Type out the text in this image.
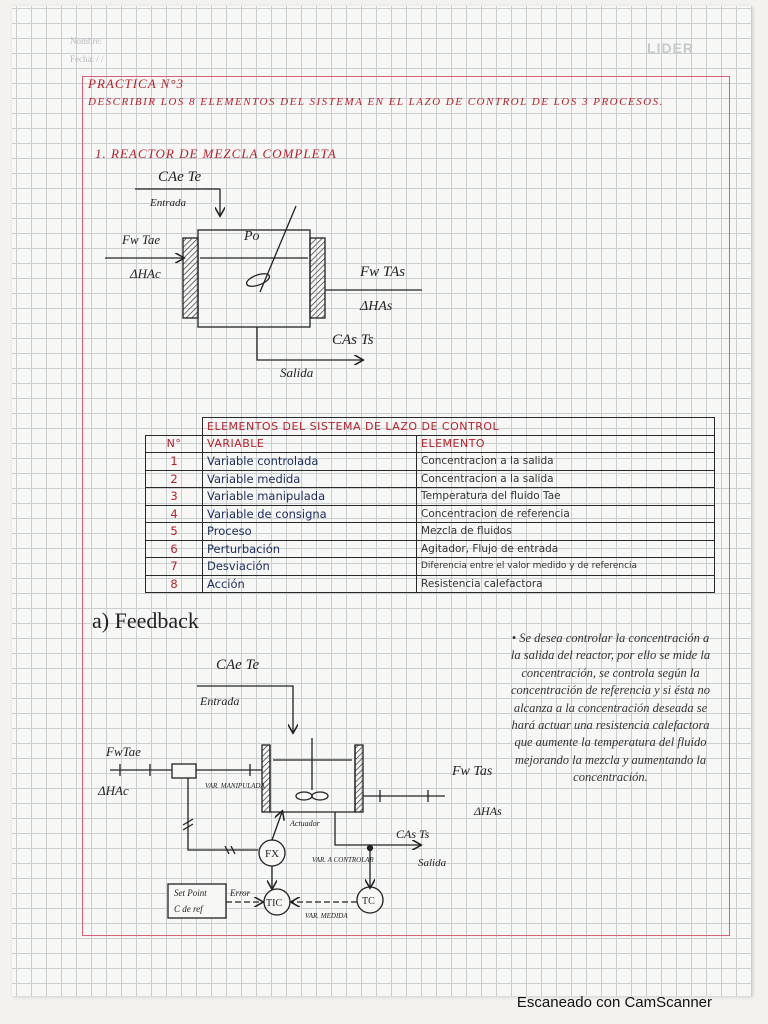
Nombre:
Fecha: / /
LIDER
PRACTICA N°3
DESCRIBIR LOS 8 ELEMENTOS DEL SISTEMA EN EL LAZO DE CONTROL DE LOS 3 PROCESOS.
1. REACTOR DE MEZCLA COMPLETA
CAe Te
Entrada
Fw Tae
ΔHAc
Po
Fw TAs
ΔHAs
CAs Ts
Salida
CAe Te
Entrada
FwTae
ΔHAc	VAR. MANIPULADA
Actuador
Fw Tas
ΔHAs
CAs Ts
Salida
FX
TIC	TC
VAR. A CONTROLAR
VAR. MEDIDA
Set Point
C de ref
Error
	ELEMENTOS DEL SISTEMA DE LAZO DE CONTROL	
N°	VARIABLE	ELEMENTO
1	Variable controlada	Concentracion a la salida
2	Variable medida	Concentracion a la salida
3	Variable manipulada	Temperatura del fluido Tae
4	Variable de consigna	Concentracion de referencia
5	Proceso	Mezcla de fluidos
6	Perturbación	Agitador, Flujo de entrada
7	Desviación	Diferencia entre el valor medido y de referencia
8	Acción	Resistencia calefactora
a) Feedback
• Se desea controlar la concentración a la salida del reactor, por ello se mide la concentración, se controla según la concentración de referencia y si ésta no alcanza a la concentración deseada se hará actuar una resistencia calefactora que aumente la temperatura del fluido mejorando la mezcla y aumentando la concentración.
Escaneado con CamScanner
